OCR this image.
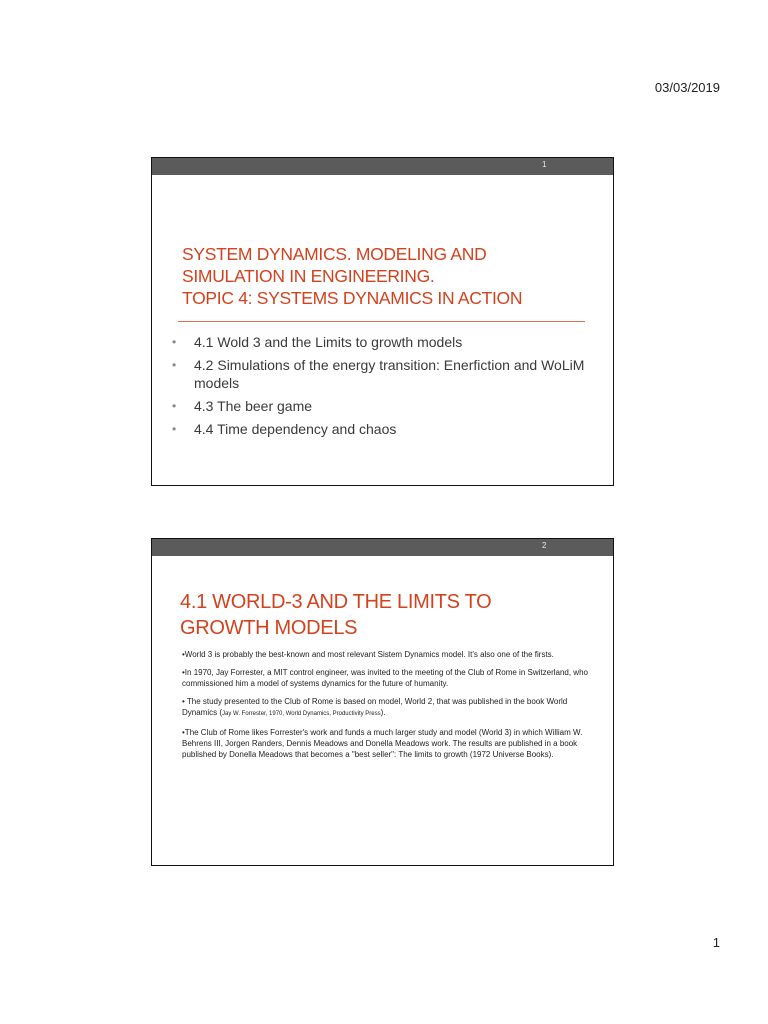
03/03/2019
1
SYSTEM DYNAMICS. MODELING AND
SIMULATION IN ENGINEERING.
TOPIC 4: SYSTEMS DYNAMICS IN ACTION
• 4.1 Wold 3 and the Limits to growth models
• 4.2 Simulations of the energy transition: Enerfiction and WoLiM models
• 4.3 The beer game
• 4.4 Time dependency and chaos
2
4.1 WORLD-3 AND THE LIMITS TO
GROWTH MODELS

•World 3 is probably the best-known and most relevant Sistem Dynamics model. It's also one of the firsts.

•In 1970, Jay Forrester, a MIT control engineer, was invited to the meeting of the Club of Rome in Switzerland, who commissioned him a model of systems dynamics for the future of humanity.

• The study presented to the Club of Rome is based on model, World 2, that was published in the book World Dynamics (Jay W. Forrester, 1970, World Dynamics, Productivity Press).

•The Club of Rome likes Forrester's work and funds a much larger study and model (World 3) in which William W. Behrens III, Jorgen Randers, Dennis Meadows and Donella Meadows work. The results are published in a book published by Donella Meadows that becomes a "best seller": The limits to growth (1972 Universe Books).

1
